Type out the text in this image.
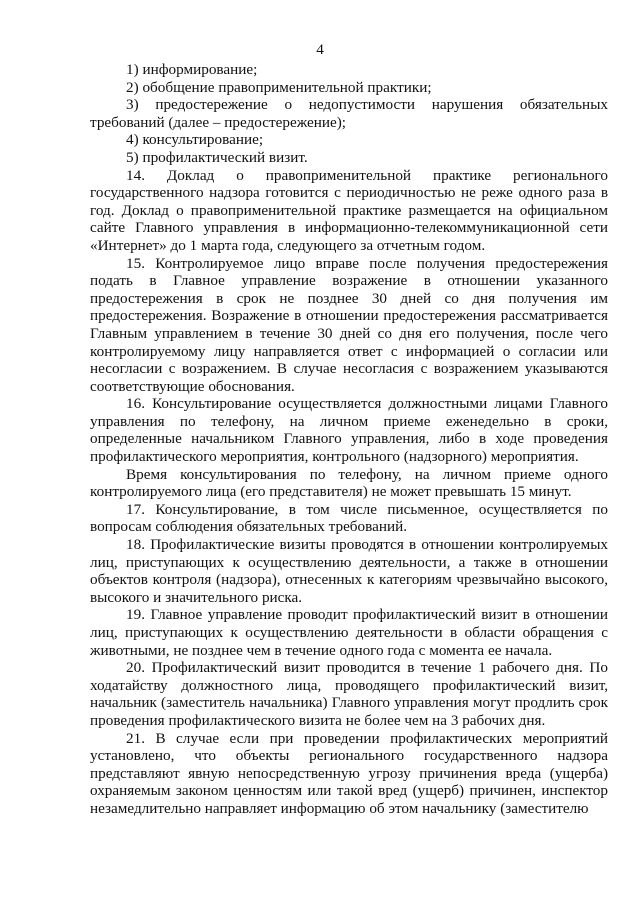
4

1) информирование;

2) обобщение правоприменительной практики;

3) предостережение о недопустимости нарушения обязательных требований (далее – предостережение);

4) консультирование;

5) профилактический визит.

14. Доклад о правоприменительной практике регионального государственного надзора готовится с периодичностью не реже одного раза в год. Доклад о правоприменительной практике размещается на официальном сайте Главного управления в информационно-телекоммуникационной сети «Интернет» до 1 марта года, следующего за отчетным годом.

15. Контролируемое лицо вправе после получения предостережения подать в Главное управление возражение в отношении указанного предостережения в срок не позднее 30 дней со дня получения им предостережения. Возражение в отношении предостережения рассматривается Главным управлением в течение 30 дней со дня его получения, после чего контролируемому лицу направляется ответ с информацией о согласии или несогласии с возражением. В случае несогласия с возражением указываются соответствующие обоснования.

16. Консультирование осуществляется должностными лицами Главного управления по телефону, на личном приеме еженедельно в сроки, определенные начальником Главного управления, либо в ходе проведения профилактического мероприятия, контрольного (надзорного) мероприятия.

Время консультирования по телефону, на личном приеме одного контролируемого лица (его представителя) не может превышать 15 минут.

17. Консультирование, в том числе письменное, осуществляется по вопросам соблюдения обязательных требований.

18. Профилактические визиты проводятся в отношении контролируемых лиц, приступающих к осуществлению деятельности, а также в отношении объектов контроля (надзора), отнесенных к категориям чрезвычайно высокого, высокого и значительного риска.

19. Главное управление проводит профилактический визит в отношении лиц, приступающих к осуществлению деятельности в области обращения с животными, не позднее чем в течение одного года с момента ее начала.

20. Профилактический визит проводится в течение 1 рабочего дня. По ходатайству должностного лица, проводящего профилактический визит, начальник (заместитель начальника) Главного управления могут продлить срок проведения профилактического визита не более чем на 3 рабочих дня.

21. В случае если при проведении профилактических мероприятий установлено, что объекты регионального государственного надзора представляют явную непосредственную угрозу причинения вреда (ущерба) охраняемым законом ценностям или такой вред (ущерб) причинен, инспектор незамедлительно направляет информацию об этом начальнику (заместителю
